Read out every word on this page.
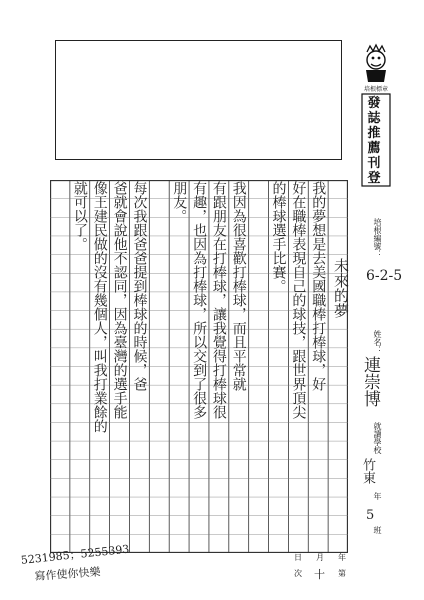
培根標章
發誌推薦刊登
我的夢想是去美國職棒打棒球，好
好在職棒表現自己的球技，跟世界頂尖
的棒球選手比賽。
我因為很喜歡打棒球，而且平常就
有跟朋友在打棒球，讓我覺得打棒球很
有趣，也因為打棒球，所以交到了很多
朋友。
每次我跟爸爸提到棒球的時候，爸
爸就會說他不認同，因為臺灣的選手能
像王建民做的沒有幾個人，叫我打業餘的
就可以了。
未來的夢
培根編號：
6-2-5
姓名：
連崇博
就讀學校
竹東
年
5
班
年
月
日
第
十
次
5231985；5255393
寫作使你快樂
